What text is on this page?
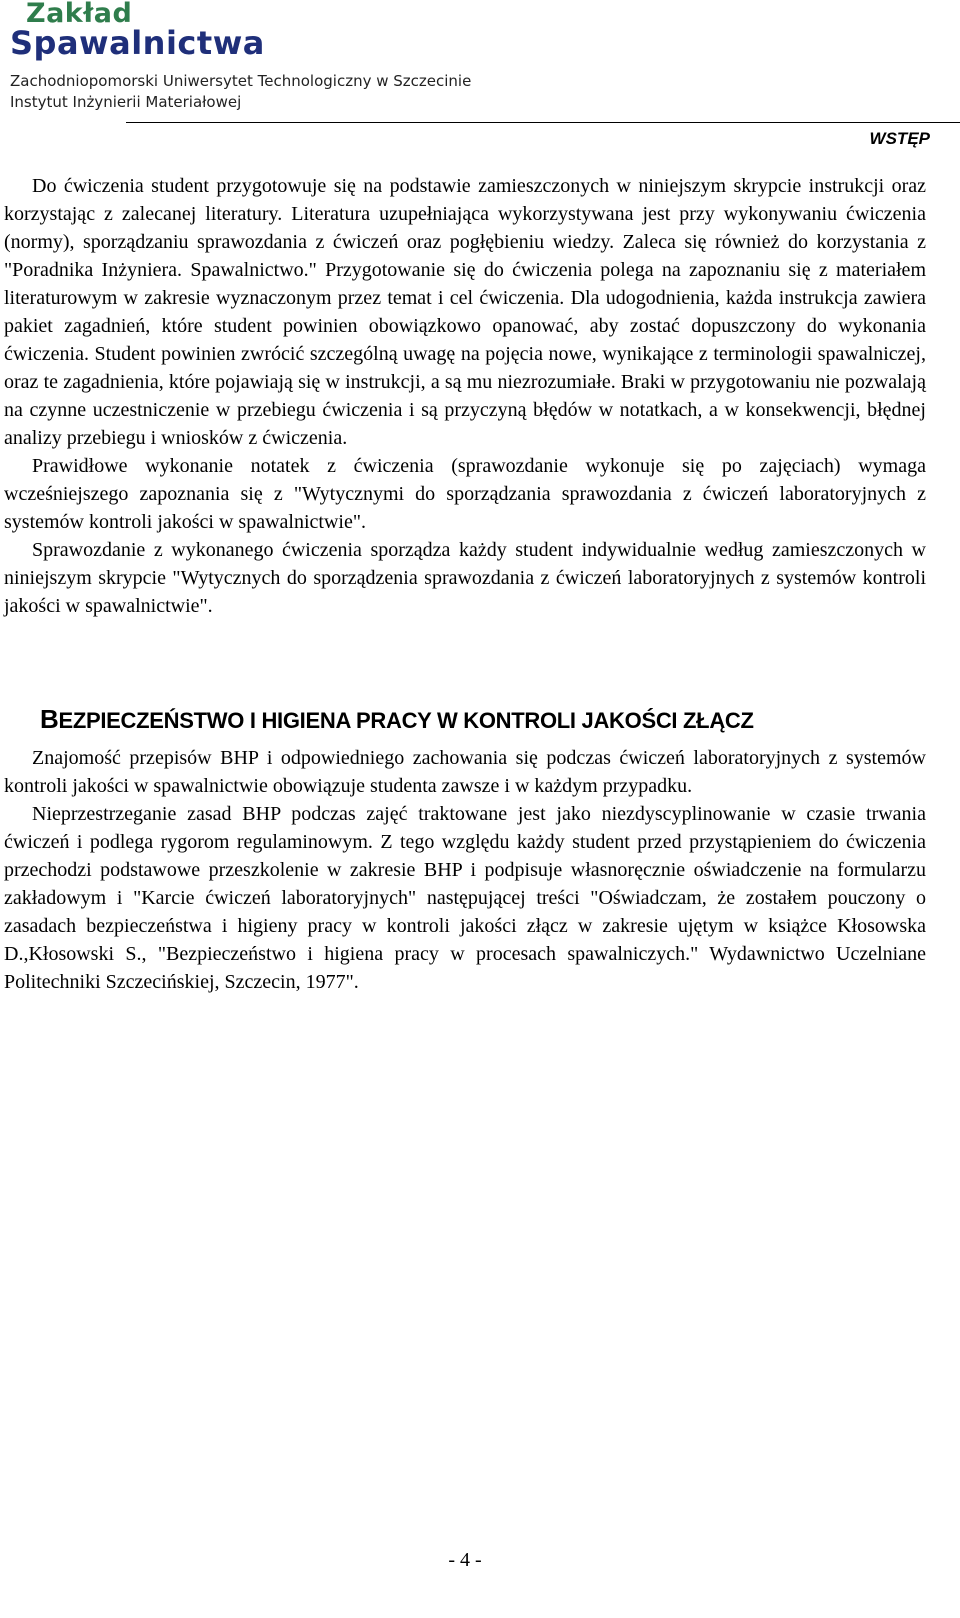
Zakład
Spawalnictwa
Zachodniopomorski Uniwersytet Technologiczny w Szczecinie
Instytut Inżynierii Materiałowej
WSTĘP

Do ćwiczenia student przygotowuje się na podstawie zamieszczonych w niniejszym skrypcie instrukcji oraz korzystając z zalecanej literatury. Literatura uzupełniająca wykorzystywana jest przy wykonywaniu ćwiczenia (normy), sporządzaniu sprawozdania z ćwiczeń oraz pogłębieniu wiedzy. Zaleca się również do korzystania z "Poradnika Inżyniera. Spawalnictwo." Przygotowanie się do ćwiczenia polega na zapoznaniu się z materiałem literaturowym w zakresie wyznaczonym przez temat i cel ćwiczenia. Dla udogodnienia, każda instrukcja zawiera pakiet zagadnień, które student powinien obowiązkowo opanować, aby zostać dopuszczony do wykonania ćwiczenia. Student powinien zwrócić szczególną uwagę na pojęcia nowe, wynikające z terminologii spawalniczej, oraz te zagadnienia, które pojawiają się w instrukcji, a są mu niezrozumiałe. Braki w przygotowaniu nie pozwalają na czynne uczestniczenie w przebiegu ćwiczenia i są przyczyną błędów w notatkach, a w konsekwencji, błędnej analizy przebiegu i wniosków z ćwiczenia.

Prawidłowe wykonanie notatek z ćwiczenia (sprawozdanie wykonuje się po zajęciach) wymaga wcześniejszego zapoznania się z "Wytycznymi do sporządzania sprawozdania z ćwiczeń laboratoryjnych z systemów kontroli jakości w spawalnictwie".

Sprawozdanie z wykonanego ćwiczenia sporządza każdy student indywidualnie według zamieszczonych w niniejszym skrypcie "Wytycznych do sporządzenia sprawozdania z ćwiczeń laboratoryjnych z systemów kontroli jakości w spawalnictwie".

BEZPIECZEŃSTWO I HIGIENA PRACY W KONTROLI JAKOŚCI ZŁĄCZ

Znajomość przepisów BHP i odpowiedniego zachowania się podczas ćwiczeń laboratoryjnych z systemów kontroli jakości w spawalnictwie obowiązuje studenta zawsze i w każdym przypadku.

Nieprzestrzeganie zasad BHP podczas zajęć traktowane jest jako niezdyscyplinowanie w czasie trwania ćwiczeń i podlega rygorom regulaminowym. Z tego względu każdy student przed przystąpieniem do ćwiczenia przechodzi podstawowe przeszkolenie w zakresie BHP i podpisuje własnoręcznie oświadczenie na formularzu zakładowym i "Karcie ćwiczeń laboratoryjnych" następującej treści "Oświadczam, że zostałem pouczony o zasadach bezpieczeństwa i higieny pracy w kontroli jakości złącz w zakresie ujętym w książce Kłosowska D.,Kłosowski S., "Bezpieczeństwo i higiena pracy w procesach spawalniczych." Wydawnictwo Uczelniane Politechniki Szczecińskiej, Szczecin, 1977".

- 4 -
